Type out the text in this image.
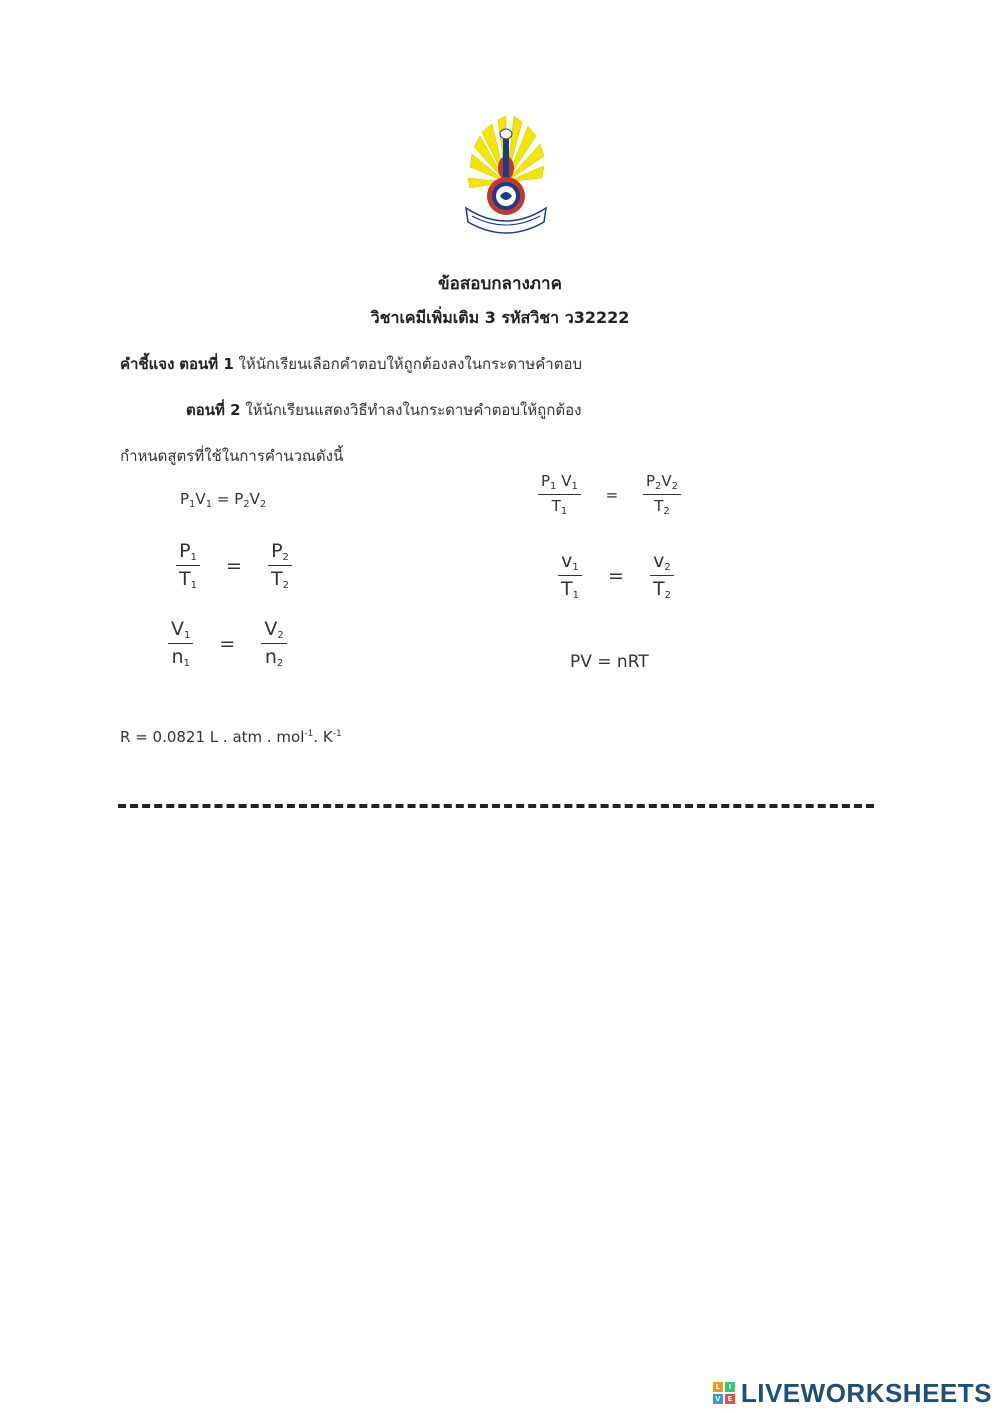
ข้อสอบกลางภาค
วิชาเคมีเพิ่มเติม 3 รหัสวิชา ว32222
คำชี้แจง ตอนที่ 1 ให้นักเรียนเลือกคำตอบให้ถูกต้องลงในกระดาษคำตอบ
ตอนที่ 2 ให้นักเรียนแสดงวิธีทำลงในกระดาษคำตอบให้ถูกต้อง
กำหนดสูตรที่ใช้ในการคำนวณดังนี้
$P_1V_1 = P_2V_2$
$\frac{P_1}{T_1} = \frac{P_2}{T_2}$
$\frac{V_1}{n_1} = \frac{V_2}{n_2}$
$\frac{P_1 V_1}{T_1} = \frac{P_2V_2}{T_2}$
$\frac{v_1}{T_1} = \frac{v_2}{T_2}$
PV = nRT
R = 0.0821 L . atm . mol$^{-1}$. $K^{-1}$
L	I
V E LIVEWORKSHEETS
